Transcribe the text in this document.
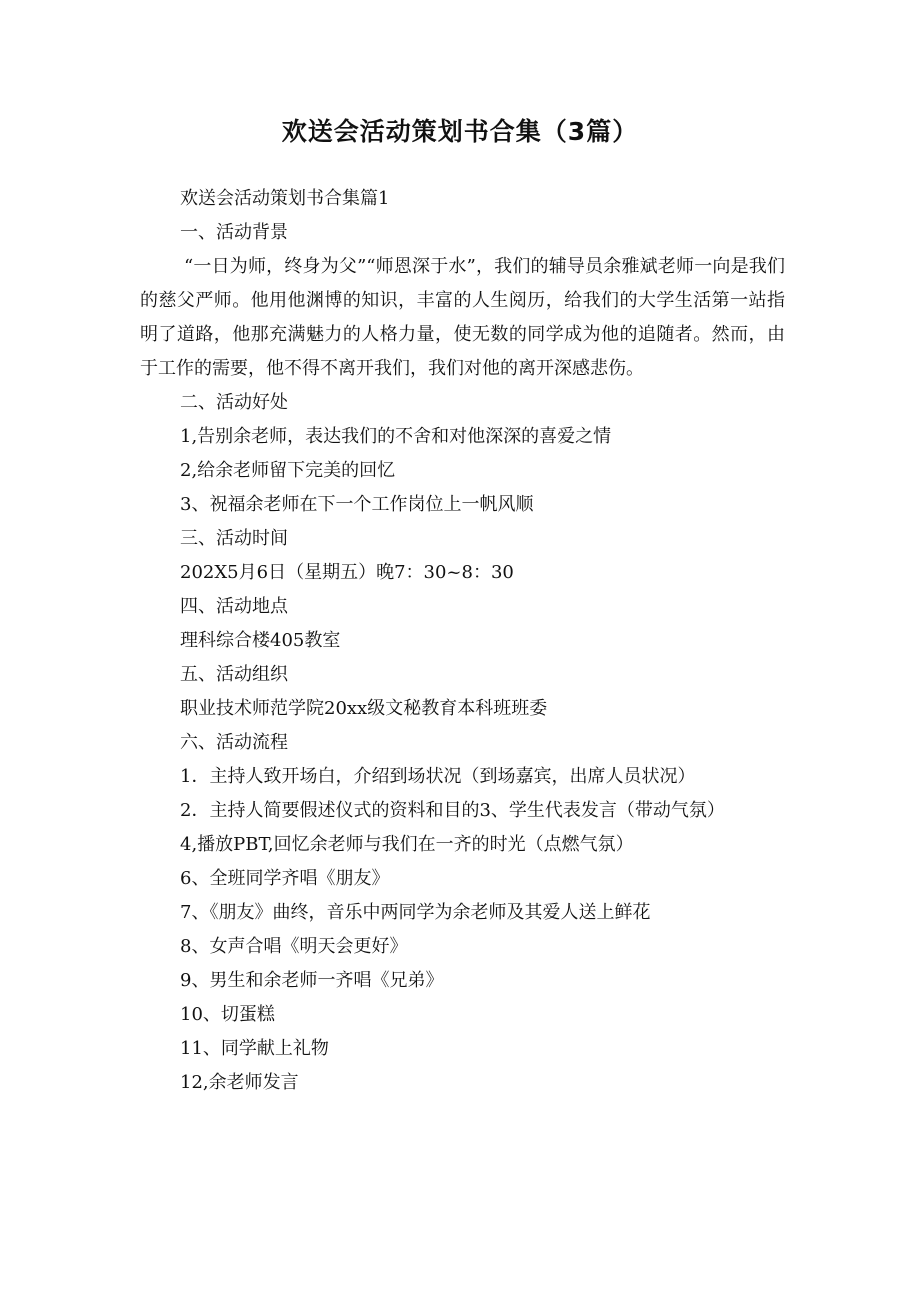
欢送会活动策划书合集（3篇）

欢送会活动策划书合集篇1

一、活动背景

“一日为师，终身为父”“师恩深于水”，我们的辅导员余雅斌老师一向是我们的慈父严师。他用他渊博的知识，丰富的人生阅历，给我们的大学生活第一站指明了道路，他那充满魅力的人格力量，使无数的同学成为他的追随者。然而，由于工作的需要，他不得不离开我们，我们对他的离开深感悲伤。

二、活动好处

1,告别余老师，表达我们的不舍和对他深深的喜爱之情

2,给余老师留下完美的回忆

3、祝福余老师在下一个工作岗位上一帆风顺

三、活动时间

202X5月6日（星期五）晚7：30~8：30

四、活动地点

理科综合楼405教室

五、活动组织

职业技术师范学院20xx级文秘教育本科班班委

六、活动流程

1．主持人致开场白，介绍到场状况（到场嘉宾，出席人员状况）

2．主持人简要假述仪式的资料和目的3、学生代表发言（带动气氛）

4,播放PBT,回忆余老师与我们在一齐的时光（点燃气氛）

6、全班同学齐唱《朋友》

7、《朋友》曲终，音乐中两同学为余老师及其爱人送上鲜花

8、女声合唱《明天会更好》

9、男生和余老师一齐唱《兄弟》

10、切蛋糕

11、同学献上礼物

12,余老师发言
